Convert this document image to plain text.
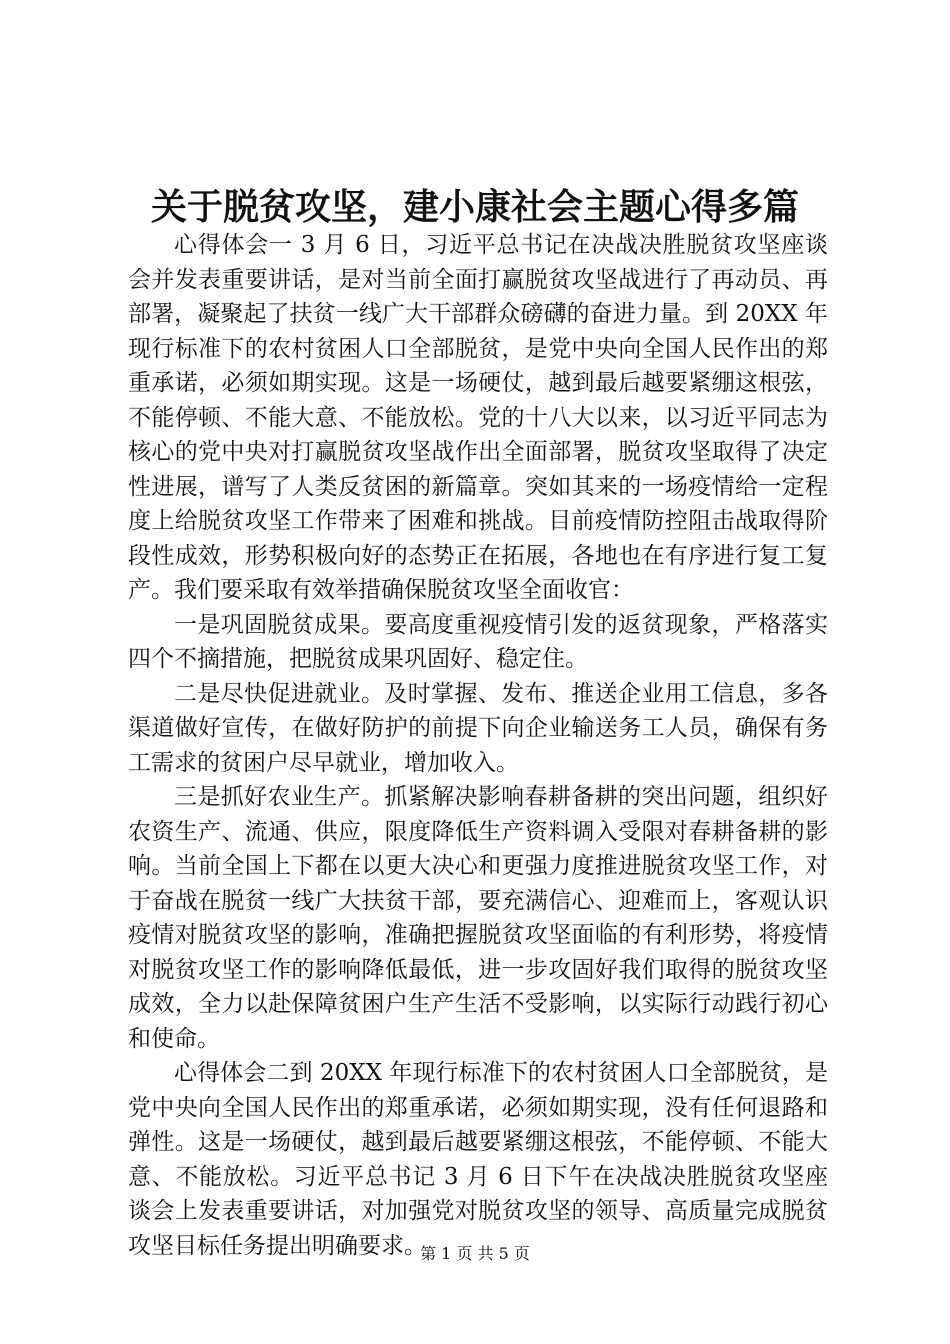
关于脱贫攻坚，建小康社会主题心得多篇

心得体会一 3 月 6 日，习近平总书记在决战决胜脱贫攻坚座谈会并发表重要讲话，是对当前全面打赢脱贫攻坚战进行了再动员、再部署，凝聚起了扶贫一线广大干部群众磅礴的奋进力量。到 20XX 年现行标准下的农村贫困人口全部脱贫，是党中央向全国人民作出的郑重承诺，必须如期实现。这是一场硬仗，越到最后越要紧绷这根弦，不能停顿、不能大意、不能放松。党的十八大以来，以习近平同志为核心的党中央对打赢脱贫攻坚战作出全面部署，脱贫攻坚取得了决定性进展，谱写了人类反贫困的新篇章。突如其来的一场疫情给一定程度上给脱贫攻坚工作带来了困难和挑战。目前疫情防控阻击战取得阶段性成效，形势积极向好的态势正在拓展，各地也在有序进行复工复产。我们要采取有效举措确保脱贫攻坚全面收官：

一是巩固脱贫成果。要高度重视疫情引发的返贫现象，严格落实四个不摘措施，把脱贫成果巩固好、稳定住。

二是尽快促进就业。及时掌握、发布、推送企业用工信息，多各渠道做好宣传，在做好防护的前提下向企业输送务工人员，确保有务工需求的贫困户尽早就业，增加收入。

三是抓好农业生产。抓紧解决影响春耕备耕的突出问题，组织好农资生产、流通、供应，限度降低生产资料调入受限对春耕备耕的影响。当前全国上下都在以更大决心和更强力度推进脱贫攻坚工作，对于奋战在脱贫一线广大扶贫干部，要充满信心、迎难而上，客观认识疫情对脱贫攻坚的影响，准确把握脱贫攻坚面临的有利形势，将疫情对脱贫攻坚工作的影响降低最低，进一步攻固好我们取得的脱贫攻坚成效，全力以赴保障贫困户生产生活不受影响，以实际行动践行初心和使命。

心得体会二到 20XX 年现行标准下的农村贫困人口全部脱贫，是党中央向全国人民作出的郑重承诺，必须如期实现，没有任何退路和弹性。这是一场硬仗，越到最后越要紧绷这根弦，不能停顿、不能大意、不能放松。习近平总书记 3 月 6 日下午在决战决胜脱贫攻坚座谈会上发表重要讲话，对加强党对脱贫攻坚的领导、高质量完成脱贫攻坚目标任务提出明确要求。

第 1 页 共 5 页
